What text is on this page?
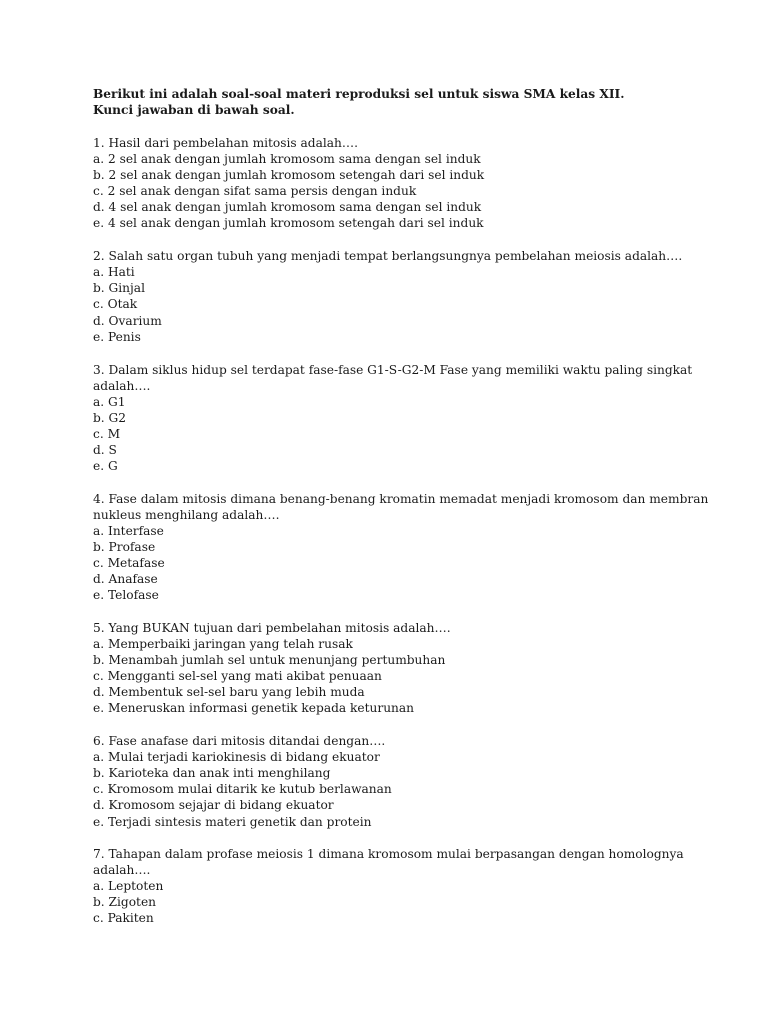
Berikut ini adalah soal-soal materi reproduksi sel untuk siswa SMA kelas XII.
Kunci jawaban di bawah soal.
1. Hasil dari pembelahan mitosis adalah….
a. 2 sel anak dengan jumlah kromosom sama dengan sel induk
b. 2 sel anak dengan jumlah kromosom setengah dari sel induk
c. 2 sel anak dengan sifat sama persis dengan induk
d. 4 sel anak dengan jumlah kromosom sama dengan sel induk
e. 4 sel anak dengan jumlah kromosom setengah dari sel induk
2. Salah satu organ tubuh yang menjadi tempat berlangsungnya pembelahan meiosis adalah….
a. Hati
b. Ginjal
c. Otak
d. Ovarium
e. Penis
3. Dalam siklus hidup sel terdapat fase-fase G1-S-G2-M Fase yang memiliki waktu paling singkat
adalah….
a. G1
b. G2
c. M
d. S
e. G
4. Fase dalam mitosis dimana benang-benang kromatin memadat menjadi kromosom dan membran
nukleus menghilang adalah….
a. Interfase
b. Profase
c. Metafase
d. Anafase
e. Telofase
5. Yang BUKAN tujuan dari pembelahan mitosis adalah….
a. Memperbaiki jaringan yang telah rusak
b. Menambah jumlah sel untuk menunjang pertumbuhan
c. Mengganti sel-sel yang mati akibat penuaan
d. Membentuk sel-sel baru yang lebih muda
e. Meneruskan informasi genetik kepada keturunan
6. Fase anafase dari mitosis ditandai dengan….
a. Mulai terjadi kariokinesis di bidang ekuator
b. Karioteka dan anak inti menghilang
c. Kromosom mulai ditarik ke kutub berlawanan
d. Kromosom sejajar di bidang ekuator
e. Terjadi sintesis materi genetik dan protein
7. Tahapan dalam profase meiosis 1 dimana kromosom mulai berpasangan dengan homolognya
adalah….
a. Leptoten
b. Zigoten
c. Pakiten
